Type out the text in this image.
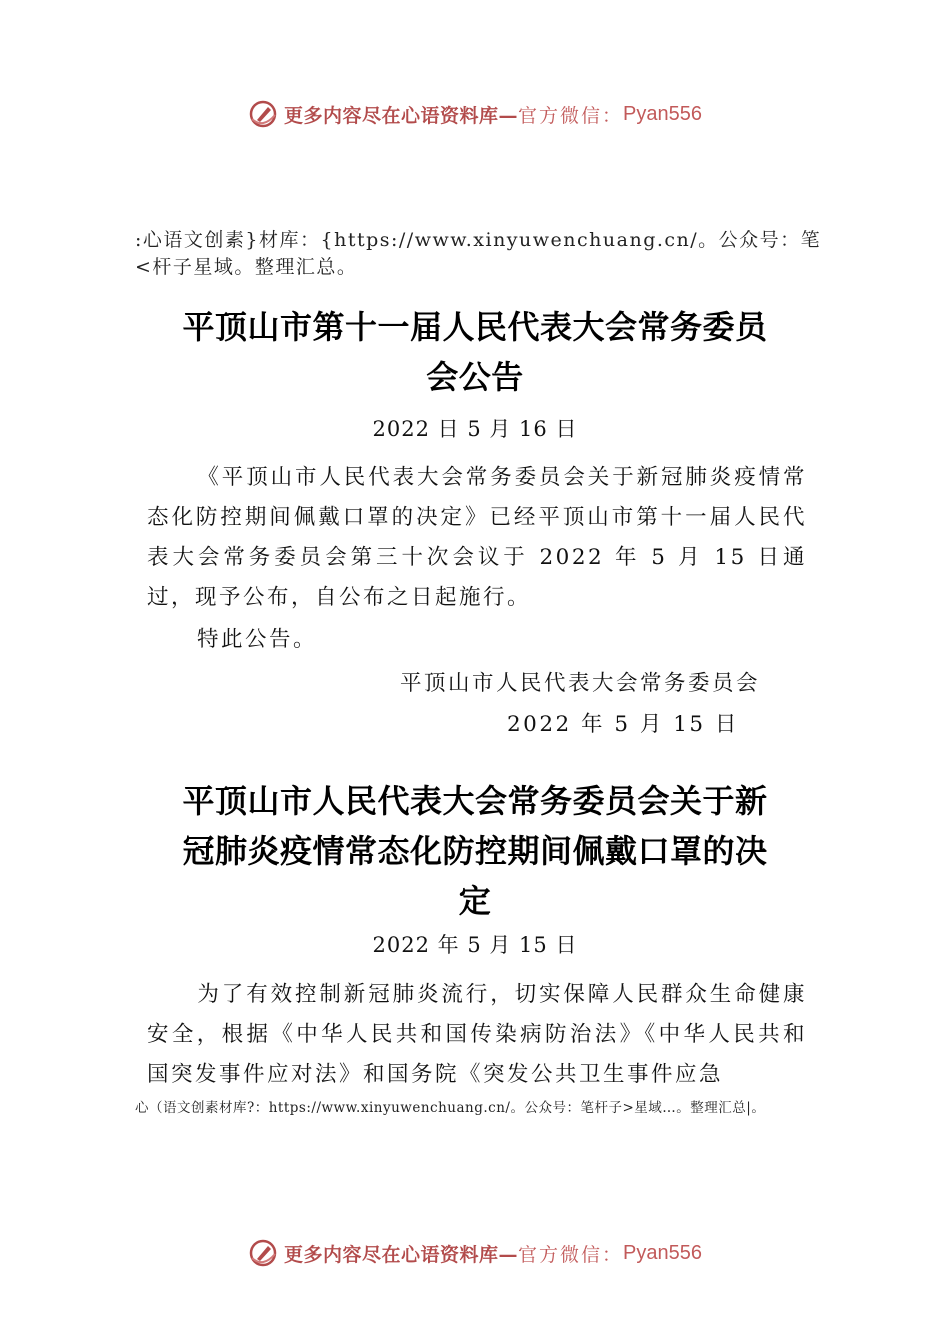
更多内容尽在心语资料库— 官方微信： Pyan556
:心语文创素}材库：{https://www.xinyuwenchuang.cn/。公众号：笔<杆子星域。整理汇总。
平顶山市第十一届人民代表大会常务委员
会公告
2022 日 5 月 16 日
《平顶山市人民代表大会常务委员会关于新冠肺炎疫情常态化防控期间佩戴口罩的决定》已经平顶山市第十一届人民代表大会常务委员会第三十次会议于 2022 年 5 月 15 日通过，现予公布，自公布之日起施行。
特此公告。
平顶山市人民代表大会常务委员会
2022 年 5 月 15 日
平顶山市人民代表大会常务委员会关于新
冠肺炎疫情常态化防控期间佩戴口罩的决
定
2022 年 5 月 15 日
为了有效控制新冠肺炎流行，切实保障人民群众生命健康安全，根据《中华人民共和国传染病防治法》《中华人民共和国突发事件应对法》和国务院《突发公共卫生事件应急
心（语文创素材库?：https://www.xinyuwenchuang.cn/。公众号：笔杆子>星域…。整理汇总|。
更多内容尽在心语资料库— 官方微信： Pyan556
